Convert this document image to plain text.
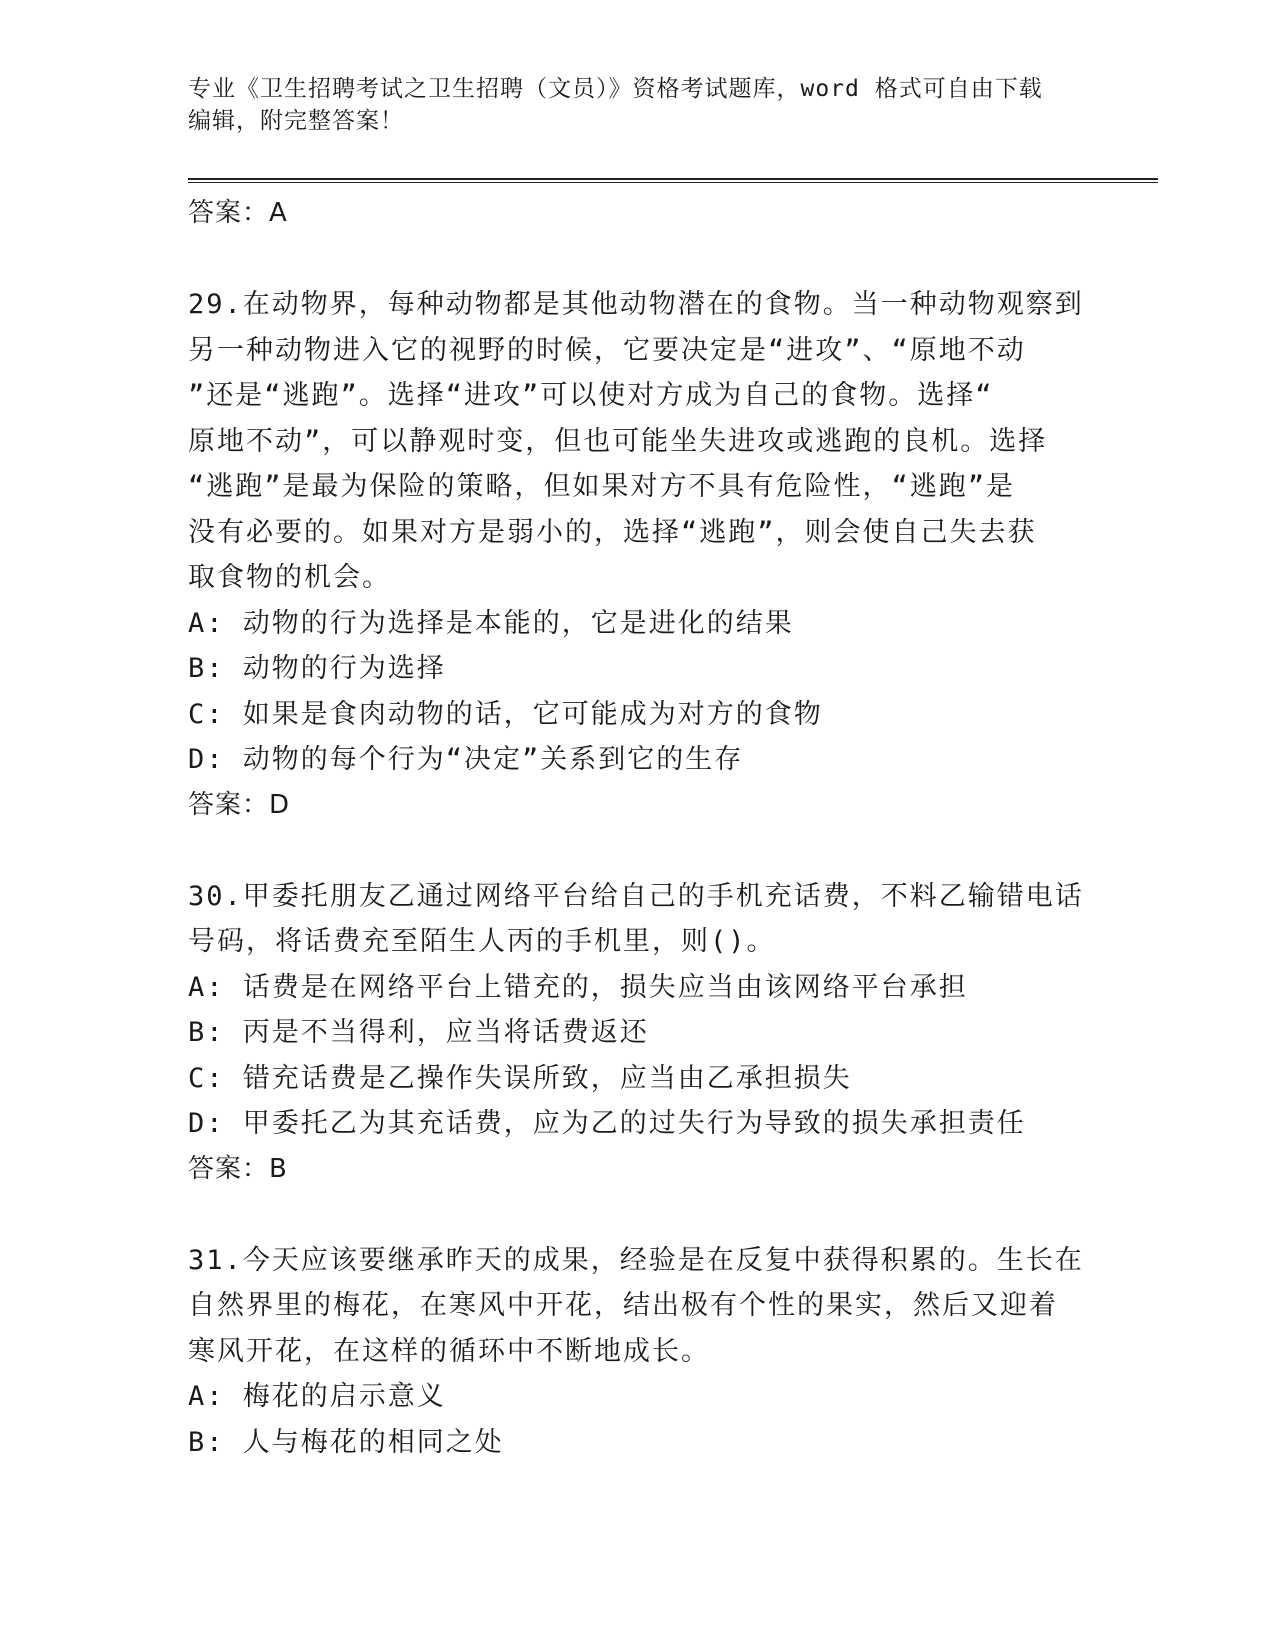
专业《卫生招聘考试之卫生招聘（文员）》资格考试题库，word 格式可自由下载
编辑，附完整答案！
答案：A
29.在动物界，每种动物都是其他动物潜在的食物。当一种动物观察到
另一种动物进入它的视野的时候，它要决定是“进攻”、“原地不动
”还是“逃跑”。选择“进攻”可以使对方成为自己的食物。选择“
原地不动”，可以静观时变，但也可能坐失进攻或逃跑的良机。选择
“逃跑”是最为保险的策略，但如果对方不具有危险性，“逃跑”是
没有必要的。如果对方是弱小的，选择“逃跑”，则会使自己失去获
取食物的机会。
A: 动物的行为选择是本能的，它是进化的结果
B: 动物的行为选择
C: 如果是食肉动物的话，它可能成为对方的食物
D: 动物的每个行为“决定”关系到它的生存
答案：D
30.甲委托朋友乙通过网络平台给自己的手机充话费，不料乙输错电话
号码，将话费充至陌生人丙的手机里，则()。
A: 话费是在网络平台上错充的，损失应当由该网络平台承担
B: 丙是不当得利，应当将话费返还
C: 错充话费是乙操作失误所致，应当由乙承担损失
D: 甲委托乙为其充话费，应为乙的过失行为导致的损失承担责任
答案：B
31.今天应该要继承昨天的成果，经验是在反复中获得积累的。生长在
自然界里的梅花，在寒风中开花，结出极有个性的果实，然后又迎着
寒风开花，在这样的循环中不断地成长。
A: 梅花的启示意义
B: 人与梅花的相同之处
